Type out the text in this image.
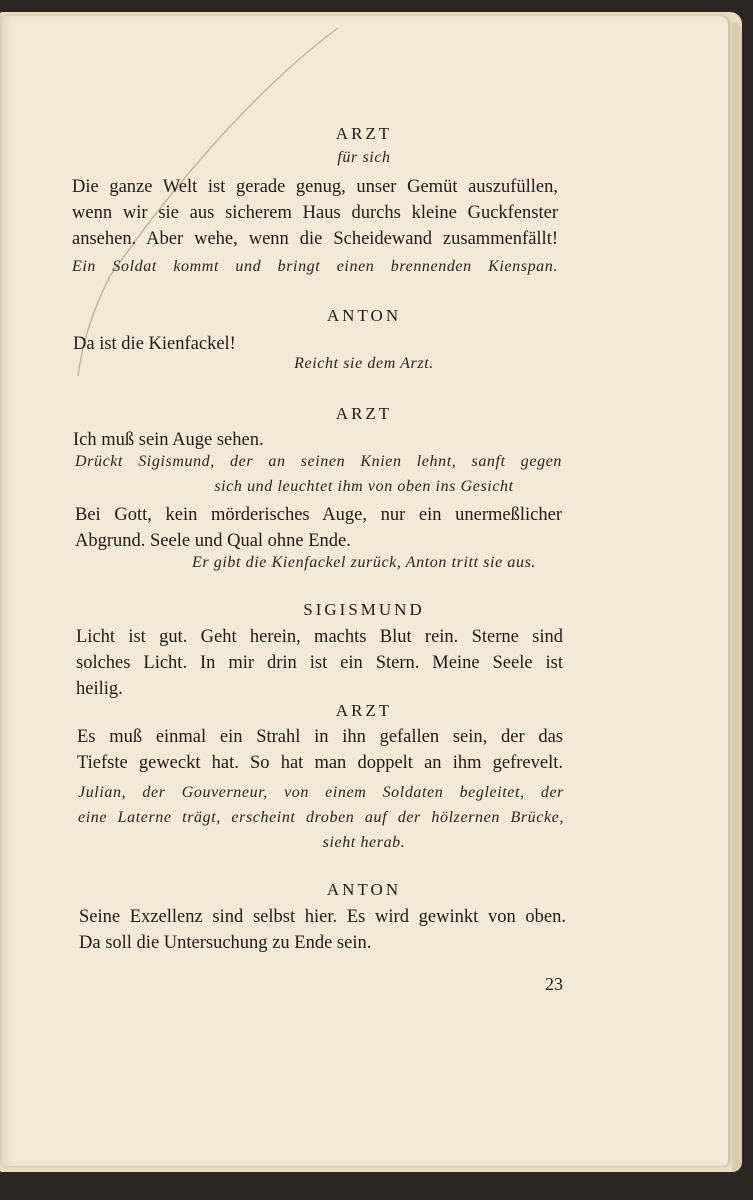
ARZT
für sich
Die ganze Welt ist gerade genug, unser Gemüt auszufüllen,
wenn wir sie aus sicherem Haus durchs kleine Guckfenster
ansehen. Aber wehe, wenn die Scheidewand zusammenfällt!
Ein Soldat kommt und bringt einen brennenden Kienspan.
ANTON
Da ist die Kienfackel!
Reicht sie dem Arzt.
ARZT
Ich muß sein Auge sehen.
Drückt Sigismund, der an seinen Knien lehnt, sanft gegen
sich und leuchtet ihm von oben ins Gesicht
Bei Gott, kein mörderisches Auge, nur ein unermeßlicher
Abgrund. Seele und Qual ohne Ende.
Er gibt die Kienfackel zurück, Anton tritt sie aus.
SIGISMUND
Licht ist gut. Geht herein, machts Blut rein. Sterne sind
solches Licht. In mir drin ist ein Stern. Meine Seele ist
heilig.
ARZT
Es muß einmal ein Strahl in ihn gefallen sein, der das
Tiefste geweckt hat. So hat man doppelt an ihm gefrevelt.
Julian, der Gouverneur, von einem Soldaten begleitet, der
eine Laterne trägt, erscheint droben auf der hölzernen Brücke,
sieht herab.
ANTON
Seine Exzellenz sind selbst hier. Es wird gewinkt von oben.
Da soll die Untersuchung zu Ende sein.
23
